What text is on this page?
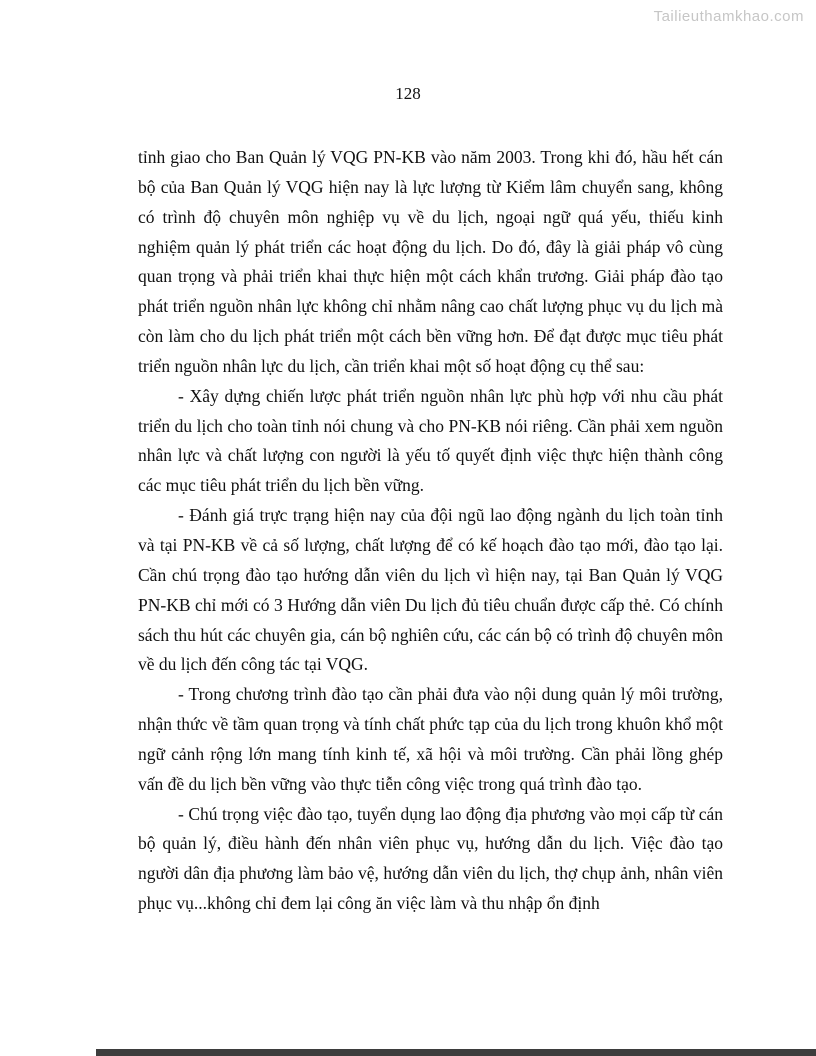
Tailieuthamkhao.com
128

tỉnh giao cho Ban Quản lý VQG PN-KB vào năm 2003. Trong khi đó, hầu hết cán bộ của Ban Quản lý VQG hiện nay là lực lượng từ Kiểm lâm chuyển sang, không có trình độ chuyên môn nghiệp vụ về du lịch, ngoại ngữ quá yếu, thiếu kinh nghiệm quản lý phát triển các hoạt động du lịch. Do đó, đây là giải pháp vô cùng quan trọng và phải triển khai thực hiện một cách khẩn trương. Giải pháp đào tạo phát triển nguồn nhân lực không chỉ nhằm nâng cao chất lượng phục vụ du lịch mà còn làm cho du lịch phát triển một cách bền vững hơn. Để đạt được mục tiêu phát triển nguồn nhân lực du lịch, cần triển khai một số hoạt động cụ thể sau:

- Xây dựng chiến lược phát triển nguồn nhân lực phù hợp với nhu cầu phát triển du lịch cho toàn tỉnh nói chung và cho PN-KB nói riêng. Cần phải xem nguồn nhân lực và chất lượng con người là yếu tố quyết định việc thực hiện thành công các mục tiêu phát triển du lịch bền vững.

- Đánh giá trực trạng hiện nay của đội ngũ lao động ngành du lịch toàn tỉnh và tại PN-KB về cả số lượng, chất lượng để có kế hoạch đào tạo mới, đào tạo lại. Cần chú trọng đào tạo hướng dẫn viên du lịch vì hiện nay, tại Ban Quản lý VQG PN-KB chỉ mới có 3 Hướng dẫn viên Du lịch đủ tiêu chuẩn được cấp thẻ. Có chính sách thu hút các chuyên gia, cán bộ nghiên cứu, các cán bộ có trình độ chuyên môn về du lịch đến công tác tại VQG.

- Trong chương trình đào tạo cần phải đưa vào nội dung quản lý môi trường, nhận thức về tầm quan trọng và tính chất phức tạp của du lịch trong khuôn khổ một ngữ cảnh rộng lớn mang tính kinh tế, xã hội và môi trường. Cần phải lồng ghép vấn đề du lịch bền vững vào thực tiễn công việc trong quá trình đào tạo.

- Chú trọng việc đào tạo, tuyển dụng lao động địa phương vào mọi cấp từ cán bộ quản lý, điều hành đến nhân viên phục vụ, hướng dẫn du lịch. Việc đào tạo người dân địa phương làm bảo vệ, hướng dẫn viên du lịch, thợ chụp ảnh, nhân viên phục vụ...không chỉ đem lại công ăn việc làm và thu nhập ổn định
